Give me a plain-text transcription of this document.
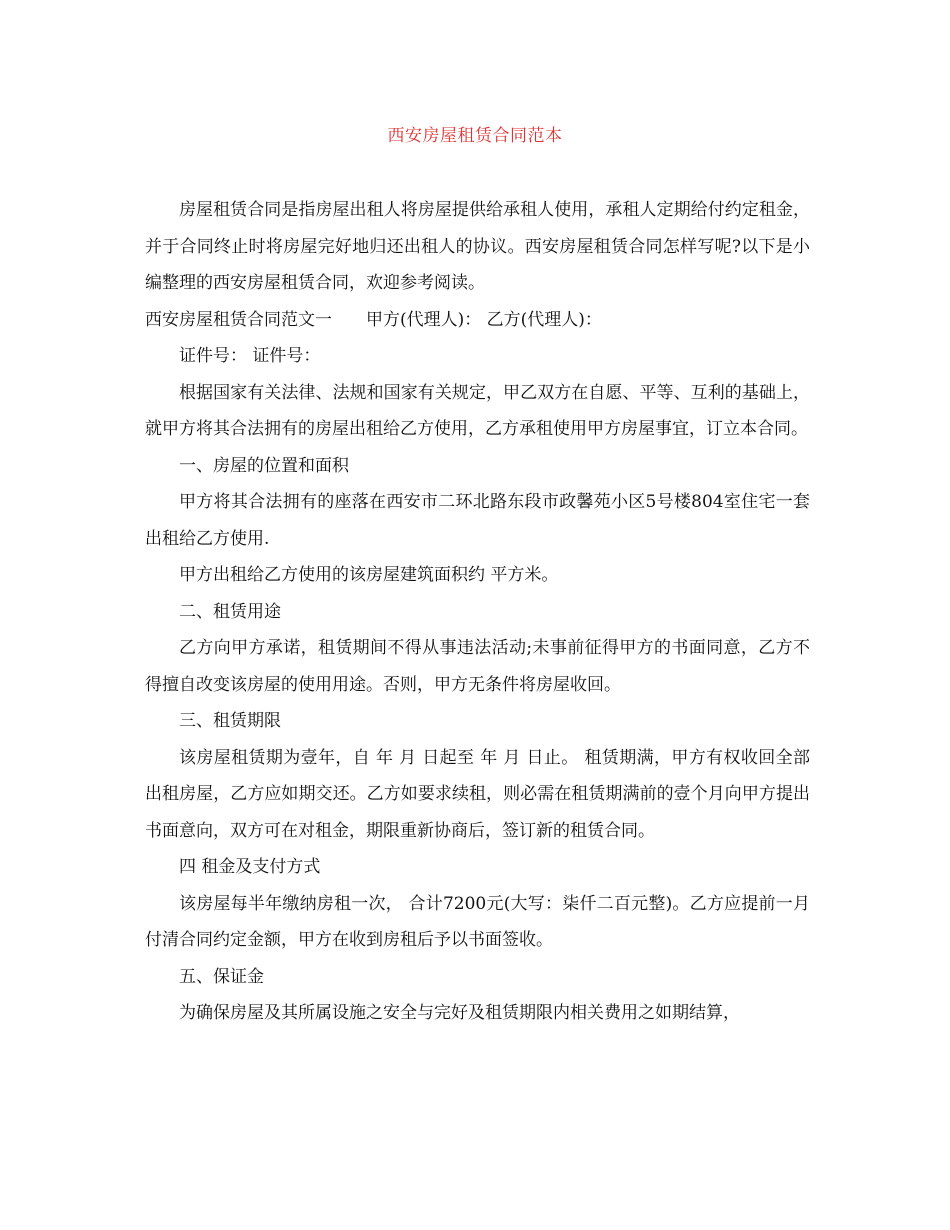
西安房屋租赁合同范本

房屋租赁合同是指房屋出租人将房屋提供给承租人使用，承租人定期给付约定租金，并于合同终止时将房屋完好地归还出租人的协议。西安房屋租赁合同怎样写呢?以下是小编整理的西安房屋租赁合同，欢迎参考阅读。

西安房屋租赁合同范文一 甲方(代理人)： 乙方(代理人)：

证件号： 证件号：

根据国家有关法律、法规和国家有关规定，甲乙双方在自愿、平等、互利的基础上，就甲方将其合法拥有的房屋出租给乙方使用，乙方承租使用甲方房屋事宜，订立本合同。

一、房屋的位置和面积

甲方将其合法拥有的座落在西安市二环北路东段市政馨苑小区5号楼804室住宅一套出租给乙方使用.

甲方出租给乙方使用的该房屋建筑面积约 平方米。

二、租赁用途

乙方向甲方承诺，租赁期间不得从事违法活动;未事前征得甲方的书面同意，乙方不得擅自改变该房屋的使用用途。否则，甲方无条件将房屋收回。

三、租赁期限

该房屋租赁期为壹年，自 年 月 日起至 年 月 日止。 租赁期满，甲方有权收回全部出租房屋，乙方应如期交还。乙方如要求续租，则必需在租赁期满前的壹个月向甲方提出书面意向，双方可在对租金，期限重新协商后，签订新的租赁合同。

四 租金及支付方式

该房屋每半年缴纳房租一次， 合计7200元(大写：柒仟二百元整)。乙方应提前一月付清合同约定金额，甲方在收到房租后予以书面签收。

五、保证金

为确保房屋及其所属设施之安全与完好及租赁期限内相关费用之如期结算，
